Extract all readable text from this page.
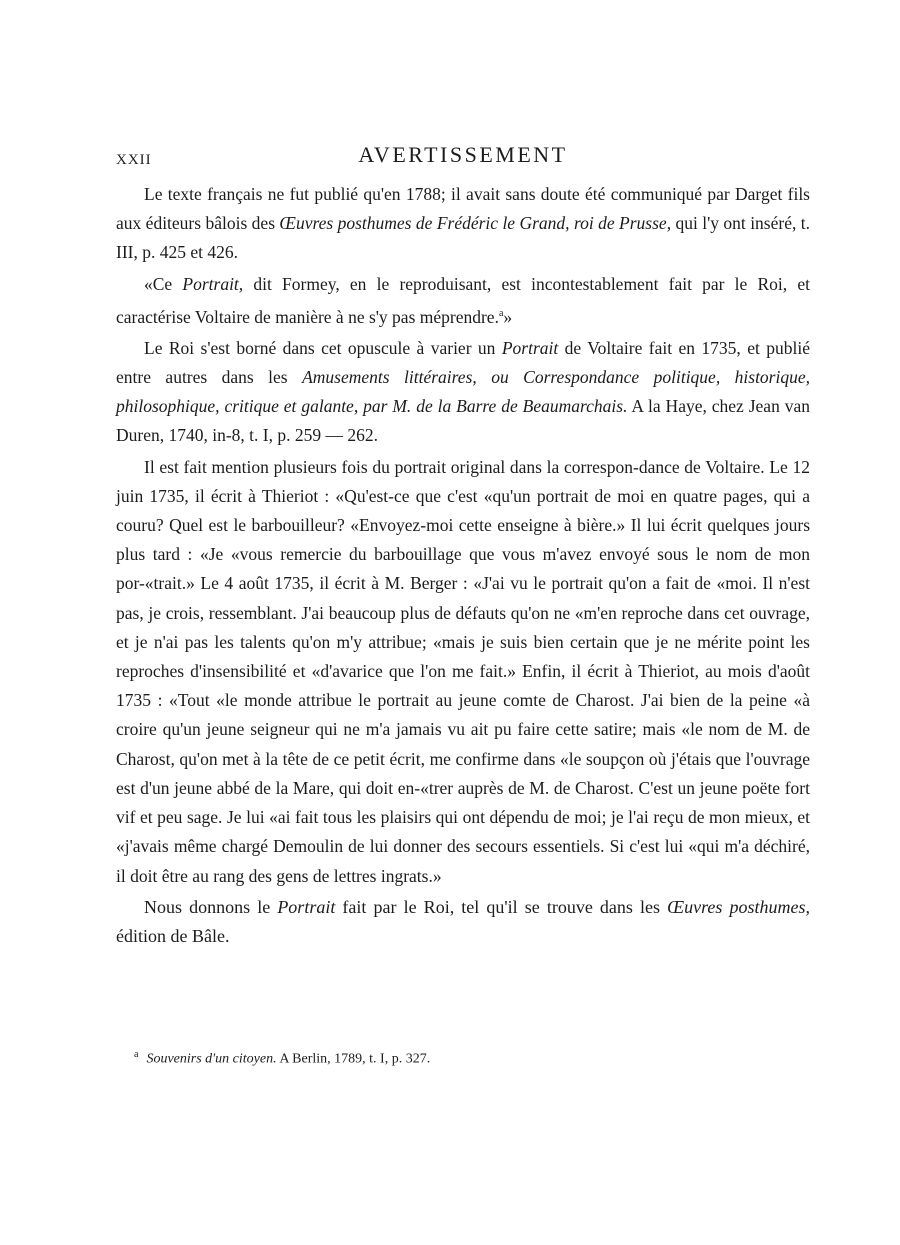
XXII	AVERTISSEMENT

Le texte français ne fut publié qu'en 1788; il avait sans doute été communiqué par Darget fils aux éditeurs bâlois des Œuvres posthumes de Frédéric le Grand, roi de Prusse, qui l'y ont inséré, t. III, p. 425 et 426.

«Ce Portrait, dit Formey, en le reproduisant, est incontestablement fait par le Roi, et caractérise Voltaire de manière à ne s'y pas méprendre.$^a$»

Le Roi s'est borné dans cet opuscule à varier un Portrait de Voltaire fait en 1735, et publié entre autres dans les Amusements littéraires, ou Correspondance politique, historique, philosophique, critique et galante, par M. de la Barre de Beaumarchais. A la Haye, chez Jean van Duren, 1740, in-8, t. I, p. 259 — 262.

Il est fait mention plusieurs fois du portrait original dans la correspon-dance de Voltaire. Le 12 juin 1735, il écrit à Thieriot : «Qu'est-ce que c'est «qu'un portrait de moi en quatre pages, qui a couru? Quel est le barbouilleur? «Envoyez-moi cette enseigne à bière.» Il lui écrit quelques jours plus tard : «Je «vous remercie du barbouillage que vous m'avez envoyé sous le nom de mon por-«trait.» Le 4 août 1735, il écrit à M. Berger : «J'ai vu le portrait qu'on a fait de «moi. Il n'est pas, je crois, ressemblant. J'ai beaucoup plus de défauts qu'on ne «m'en reproche dans cet ouvrage, et je n'ai pas les talents qu'on m'y attribue; «mais je suis bien certain que je ne mérite point les reproches d'insensibilité et «d'avarice que l'on me fait.» Enfin, il écrit à Thieriot, au mois d'août 1735 : «Tout «le monde attribue le portrait au jeune comte de Charost. J'ai bien de la peine «à croire qu'un jeune seigneur qui ne m'a jamais vu ait pu faire cette satire; mais «le nom de M. de Charost, qu'on met à la tête de ce petit écrit, me confirme dans «le soupçon où j'étais que l'ouvrage est d'un jeune abbé de la Mare, qui doit en-«trer auprès de M. de Charost. C'est un jeune poëte fort vif et peu sage. Je lui «ai fait tous les plaisirs qui ont dépendu de moi; je l'ai reçu de mon mieux, et «j'avais même chargé Demoulin de lui donner des secours essentiels. Si c'est lui «qui m'a déchiré, il doit être au rang des gens de lettres ingrats.»

Nous donnons le Portrait fait par le Roi, tel qu'il se trouve dans les Œuvres posthumes, édition de Bâle.

$^a$ Souvenirs d'un citoyen. A Berlin, 1789, t. I, p. 327.
